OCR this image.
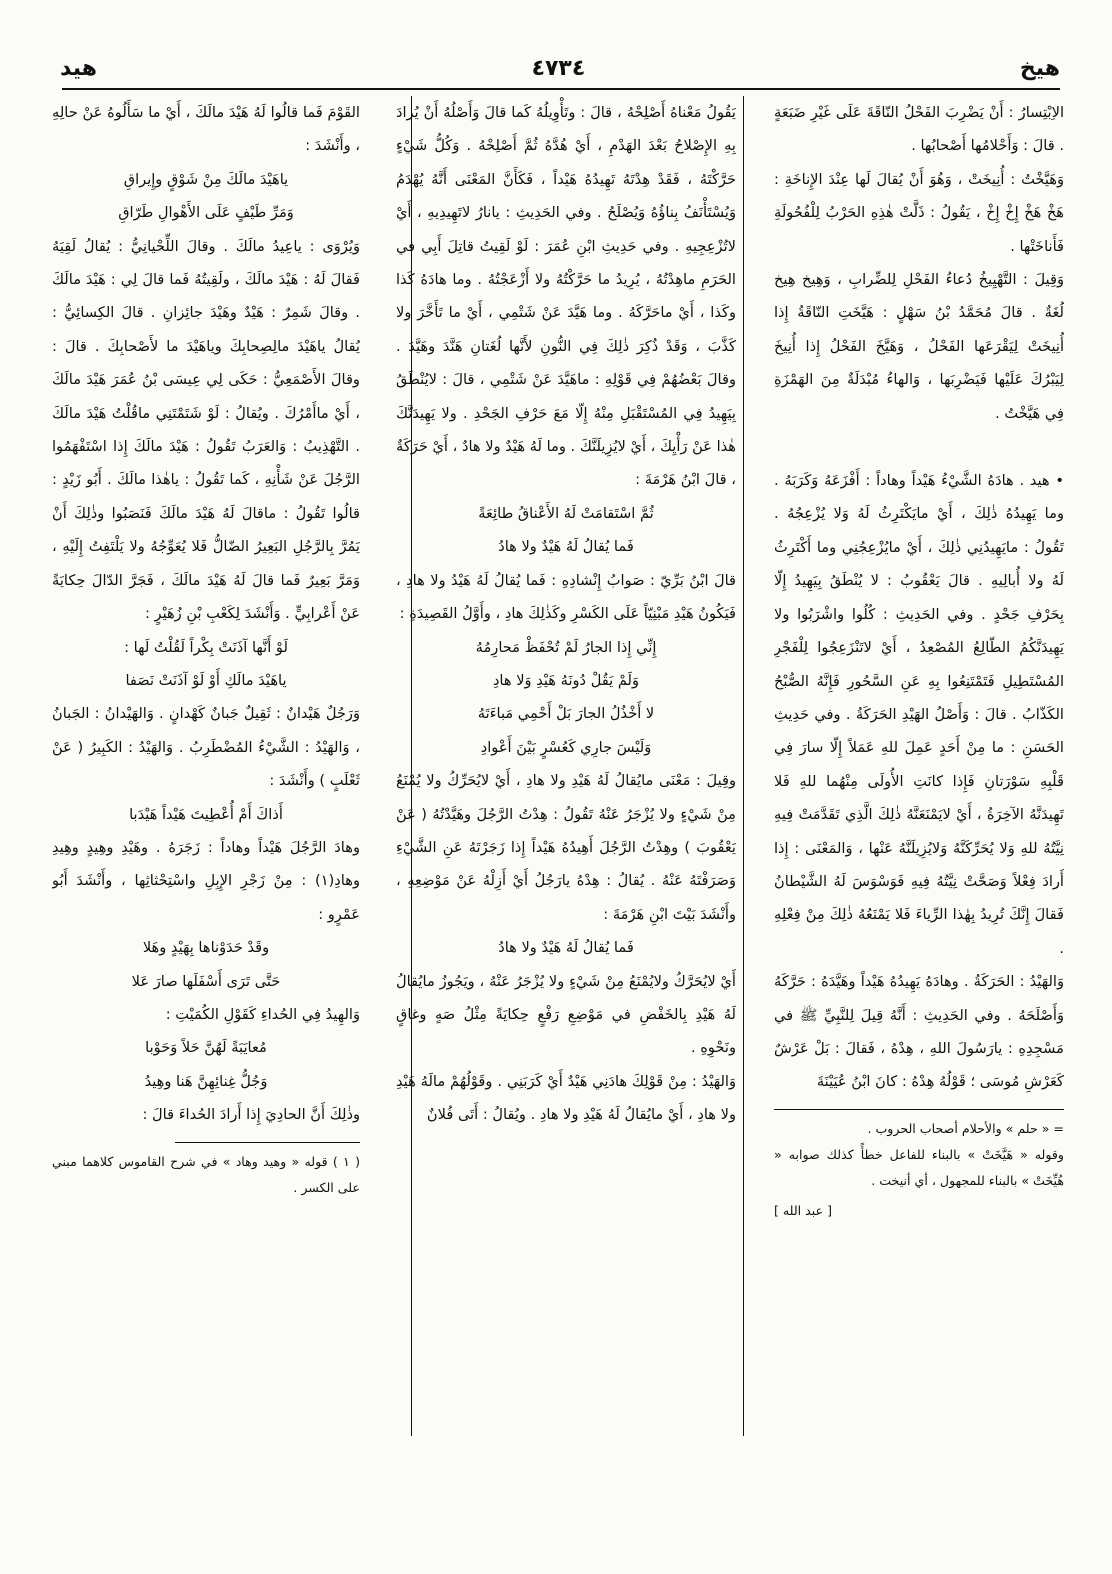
هيخ
٤٧٣٤
هيد

الاِبْتِسارُ : أَنْ يَضْرِبَ الفَحْلُ النّاقَةَ عَلَى غَيْرِ ضَبَعَةٍ . قالَ : وَأَحْلامُها أَصْحابُها .

وَهَيَّخْتُ : أُنِيخَتْ ، وَهُوَ أَنْ يُقالَ لَها عِنْدَ الإِناخَةِ : هَخْ هَخْ إِخْ إِخْ ، يَقُولُ : ذَلَّتْ هٰذِهِ الحَرْبُ لِلْفُحُولَةِ فَأَناخَتْها .

وَقِيلَ : التَّهْيِيخُ دُعاءُ الفَحْلِ لِلضِّرابِ ، وَهِيخ هِيخ لُغَةٌ . قالَ مُحَمَّدُ بْنُ سَهْلٍ : هَيَّخَتِ النّاقَةُ إِذا أُنِيخَتْ لِيَقْرَعَها الفَحْلُ ، وَهَيَّخَ الفَحْلُ إِذا أُنِيخَ لِيَبْرُكَ عَلَيْها فَيَضْرِبَها ، وَالهاءُ مُبْدَلَةٌ مِنَ الهَمْزَةِ فِي هَيَّخْتُ .

• هيد . هادَهُ الشَّيْءُ هَيْداً وهاداً : أَفْزَعَهُ وَكَرَبَهُ . وما يَهِيدُهُ ذٰلِكَ ، أَيْ مايَكْتَرِثُ لَهُ وَلا يُزْعِجُهُ . تَقُولُ : مايَهِيدُنِي ذٰلِكَ ، أَيْ مايُزْعِجُنِي وما أَكْتَرِثُ لَهُ ولا أُبالِيهِ . قالَ يَعْقُوبُ : لا يُنْطَقُ بِيَهِيدُ إِلّا بِحَرْفِ جَحْدٍ . وفي الحَدِيثِ : كُلُوا واشْرَبُوا ولا يَهِيدَنَّكُمُ الطّالِعُ المُصْعِدُ ، أَيْ لاتَنْزَعِجُوا لِلْفَجْرِ المُسْتَطِيلِ فَتَمْتَنِعُوا بِهِ عَنِ السَّحُورِ فَإِنَّهُ الصُّبْحُ الكَذّابُ . قالَ : وَأَصْلُ الهَيْدِ الحَرَكَةُ . وفي حَدِيثِ الحَسَنِ : ما مِنْ أَحَدٍ عَمِلَ للهِ عَمَلاً إِلّا سارَ فِي قَلْبِهِ سَوْرَتانِ فَإِذا كانَتِ الأُولَى مِنْهُما للهِ فَلا تَهِيدَنَّهُ الآخِرَةُ ، أَيْ لايَمْنَعَنَّهُ ذٰلِكَ الَّذِي تَقَدَّمَتْ فِيهِ نِيَّتُهُ للهِ وَلا يُحَرِّكَنَّهُ وَلايُزِيلَنَّهُ عَنْها ، وَالمَعْنَى : إِذا أَرادَ فِعْلاً وَصَحَّتْ نِيَّتُهُ فِيهِ فَوَسْوَسَ لَهُ الشَّيْطانُ فَقالَ إِنَّكَ تُرِيدُ بِهٰذا الرِّياءَ فَلا يَمْنَعُهُ ذٰلِكَ مِنْ فِعْلِهِ .

وَالهَيْدُ : الحَرَكَةُ . وهادَهُ يَهِيدُهُ هَيْداً وهَيَّدَهُ : حَرَّكَهُ وَأَصْلَحَهُ . وفي الحَدِيثِ : أَنَّهُ قِيلَ لِلنَّبِيِّ ﷺ في مَسْجِدِهِ : يارَسُولَ اللهِ ، هِدْهُ ، فَقالَ : بَلْ عَرْشٌ كَعَرْشِ مُوسَى ؛ قَوْلُهُ هِدْهُ : كانَ ابْنُ عُيَيْنَةَ

= « حلم » والأحلام أصحاب الحروب .

وقوله « هَيَّخَتْ » بالبناء للفاعل خطأً كذلك صوابه « هُيِّخَتْ » بالبناء للمجهول ، أي أنيخت .

[ عبد الله ]

يَقُولُ مَعْناهُ أَصْلِحْهُ ، قالَ : وتَأْوِيلُهُ كَما قالَ وَأَصْلُهُ أَنْ يُرادَ بِهِ الإِصْلاحُ بَعْدَ الهَدْمِ ، أَيْ هُدَّهُ ثُمَّ أَصْلِحْهُ . وَكُلُّ شَيْءٍ حَرَّكْتَهُ ، فَقَدْ هِدْتَهُ تَهِيدُهُ هَيْداً ، فَكَأَنَّ المَعْنَى أَنَّهُ يُهْدَمُ وَيُسْتَأْنَفُ بِناؤُهُ وَيُصْلَحُ . وفي الحَدِيثِ : يانارُ لاتَهِيدِيهِ ، أَيْ لاتُزْعِجِيهِ . وفي حَدِيثِ ابْنِ عُمَرَ : لَوْ لَقِيتُ قاتِلَ أَبِي في الحَرَمِ ماهِدْتُهُ ، يُرِيدُ ما حَرَّكْتُهُ ولا أَزْعَجْتُهُ . وما هادَهُ كَذا وكَذا ، أَيْ ماحَرَّكَهُ . وما هَيَّدَ عَنْ شَتْمِي ، أَيْ ما تَأَخَّرَ ولا كَذَّبَ ، وَقَدْ ذُكِرَ ذٰلِكَ فِي النُّونِ لأَنَّها لُغَتانِ هَنَّدَ وهَيَّدَ . وقالَ بَعْضُهُمْ فِي قَوْلِهِ : ماهَيَّدَ عَنْ شَتْمِي ، قالَ : لايُنْطَقُ بِيَهِيدُ فِي المُسْتَقْبَلِ مِنْهُ إِلّا مَعَ حَرْفِ الجَحْدِ . ولا يَهِيدَنَّكَ هٰذا عَنْ رَأْيِكَ ، أَيْ لايُزِيلَنَّكَ . وما لَهُ هَيْدٌ ولا هادٌ ، أَيْ حَرَكَةٌ ، قالَ ابْنُ هَرْمَةَ :

ثُمَّ اسْتَقامَتْ لَهُ الأَعْناقُ طائِعَةً

فَما يُقالُ لَهُ هَيْدٌ ولا هادُ

قالَ ابْنُ بَرِّيّ : صَوابُ إِنْشادِهِ : فَما يُقالُ لَهُ هَيْدُ ولا هادِ ، فَيَكُونُ هَيْدِ مَبْنِيّاً عَلَى الكَسْرِ وكَذٰلِكَ هادِ ، وأَوَّلُ القَصِيدَةِ :

إِنِّي إِذا الجارُ لَمْ تُحْفَظْ مَحارِمُهُ

وَلَمْ يَقُلْ دُونَهُ هَيْدِ وَلا هادِ

لا أَخْذُلُ الجارَ بَلْ أَحْمِي مَباءَتَهُ

وَلَيْسَ جارِي كَعُسْرٍ بَيْنَ أَعْوادِ

وقِيلَ : مَعْنَى مايُقالُ لَهُ هَيْدِ ولا هادِ ، أَيْ لايُحَرِّكُ ولا يُمْنَعُ مِنْ شَيْءٍ ولا يُزْجَرُ عَنْهُ تَقُولُ : هِدْتُ الرَّجُلَ وهَيَّدْتُهُ ( عَنْ يَعْقُوبَ ) وهِدْتُ الرَّجُلَ أَهِيدُهُ هَيْداً إِذا زَجَرْتَهُ عَنِ الشَّيْءِ وَصَرَفْتَهُ عَنْهُ . يُقالُ : هِدْهُ يارَجُلُ أَيْ أَزِلْهُ عَنْ مَوْضِعِهِ ، وأَنْشَدَ بَيْتَ ابْنِ هَرْمَةَ :

فَما يُقالُ لَهُ هَيْدٌ ولا هادُ

أَيْ لايُحَرَّكُ ولايُمْنَعُ مِنْ شَيْءٍ ولا يُزْجَرُ عَنْهُ ، ويَجُوزُ مايُقالُ لَهُ هَيْدِ بِالخَفْضِ في مَوْضِعِ رَفْعٍ حِكايَةً مِثْلُ صَهٍ وغاقٍ ونَحْوِهِ .

وَالهَيْدُ : مِنْ قَوْلِكَ هادَنِي هَيْدٌ أَيْ كَرَبَنِي . وقَوْلُهُمْ مالَهُ هَيْدِ ولا هادِ ، أَيْ مايُقالُ لَهُ هَيْدِ ولا هادِ . ويُقالُ : أَتَى فُلانٌ

القَوْمَ فَما قالُوا لَهُ هَيْدَ مالَكَ ، أَيْ ما سَأَلُوهُ عَنْ حالِهِ ، وأَنْشَدَ :

ياهَيْدَ مالَكَ مِنْ شَوْقٍ وإِيراقِ

وَمَرِّ طَيْفٍ عَلَى الأَهْوالِ طَرّاقِ

وَيُرْوَى : ياعِيدُ مالَكَ . وقالَ اللِّحْيانِيُّ : يُقالُ لَقِيَهُ فَقالَ لَهُ : هَيْدَ مالَكَ ، ولَقِيتُهُ فَما قالَ لِي : هَيْدَ مالَكَ . وقالَ شَمِرٌ : هَيْدٌ وهَيْدَ جائِزانِ . قالَ الكِسائِيُّ : يُقالُ ياهَيْدَ مالِصِحابِكَ وياهَيْدَ ما لأَصْحابِكَ . قالَ : وقالَ الأَصْمَعِيُّ : حَكَى لِي عِيسَى بْنُ عُمَرَ هَيْدَ مالَكَ ، أَيْ ماأَمْرُكَ . ويُقالُ : لَوْ شَتَمْتَنِي ماقُلْتُ هَيْدَ مالَكَ . التَّهْذِيبُ : وَالعَرَبُ تَقُولُ : هَيْدَ مالَكَ إِذا اسْتَفْهَمُوا الرَّجُلَ عَنْ شَأْنِهِ ، كَما تَقُولُ : ياهٰذا مالَكَ . أَبُو زَيْدٍ : قالُوا تَقُولُ : ماقالَ لَهُ هَيْدَ مالَكَ فَنَصَبُوا وذٰلِكَ أَنْ يَمُرَّ بِالرَّجُلِ البَعِيرُ الضّالُّ فَلا يُعَوِّجُهُ ولا يَلْتَفِتُ إِلَيْهِ ، وَمَرَّ بَعِيرٌ فَما قالَ لَهُ هَيْدَ مالَكَ ، فَجَرَّ الدّالَ حِكايَةً عَنْ أَعْرابِيٍّ . وَأَنْشَدَ لِكَعْبِ بْنِ زُهَيْرٍ :

لَوْ أَنَّها آذَنَتْ بِكْراً لَقُلْتُ لَها :

ياهَيْدَ مالَكِ أَوْ لَوْ آذَنَتْ نَصَفا

وَرَجُلٌ هَيْدانٌ : ثَقِيلٌ جَبانٌ كَهْدانٍ . وَالهَيْدانُ : الجَبانُ ، وَالهَيْدُ : الشَّيْءُ المُضْطَرِبُ . وَالهَيْدُ : الكَبِيرُ ( عَنْ ثَعْلَبٍ ) وأَنْشَدَ :

أَذاكَ أَمْ أُعْطِيتَ هَيْداً هَيْدَبا

وهادَ الرَّجُلَ هَيْداً وهاداً : زَجَرَهُ . وهَيْدِ وهِيدٍ وهِيدِ وهادِ(١) : مِنْ زَجْرِ الإِبِلِ واسْتِحْثاثِها ، وأَنْشَدَ أَبُو عَمْرٍو :

وقَدْ حَدَوْناها بِهَيْدٍ وهَلا

حَتَّى تَرَى أَسْفَلَها صارَ عَلا

وَالهِيدُ فِي الحُداءِ كَقَوْلِ الكُمَيْتِ :

مُعايَبَةً لَهُنَّ حَلاً وَحَوْبا

وَجُلُّ غِنائِهِنَّ هَنا وهِيدُ

وذٰلِكَ أَنَّ الحادِيَ إِذا أَرادَ الحُداءَ قالَ :

( ١ ) قوله « وهيد وهاد » في شرح القاموس كلاهما مبني على الكسر .
